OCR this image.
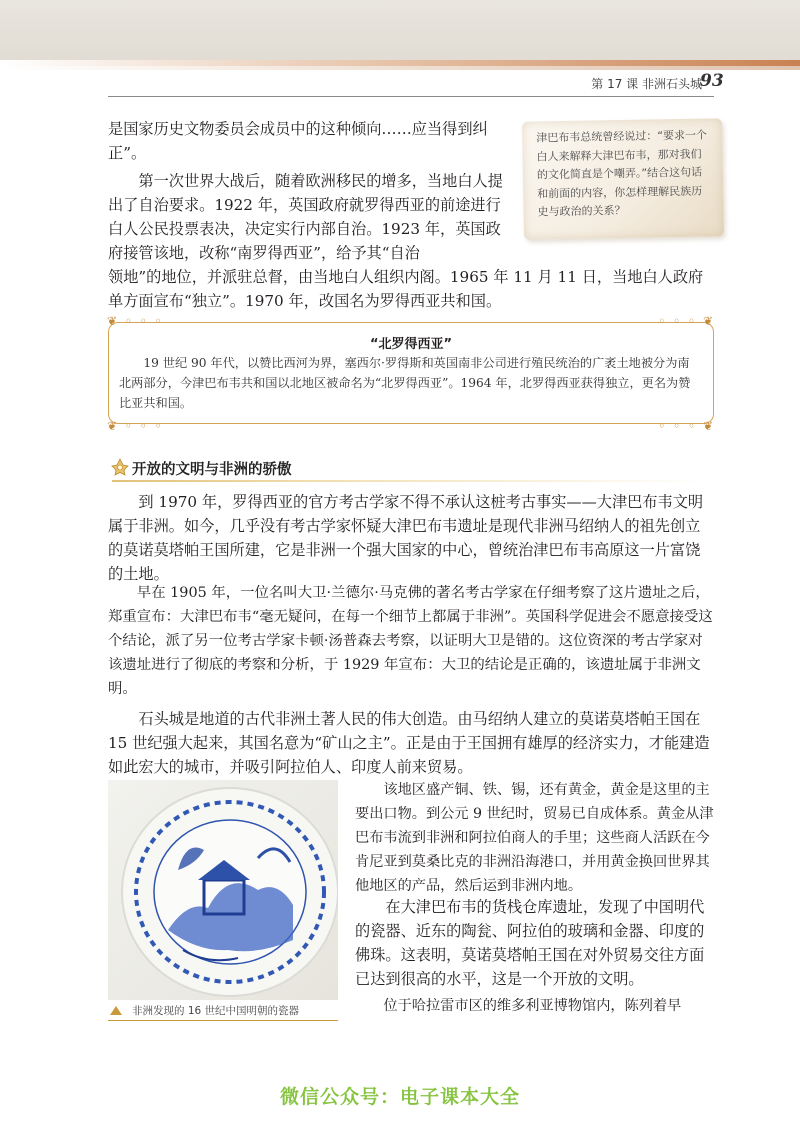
第 17 课 非洲石头城
93
是国家历史文物委员会成员中的这种倾向……应当得到纠正”。
第一次世界大战后，随着欧洲移民的增多，当地白人提出了自治要求。1922 年，英国政府就罗得西亚的前途进行白人公民投票表决，决定实行内部自治。1923 年，英国政府接管该地，改称“南罗得西亚”，给予其“自治
领地”的地位，并派驻总督，由当地白人组织内阁。1965 年 11 月 11 日，当地白人政府单方面宣布“独立”。1970 年，改国名为罗得西亚共和国。
津巴布韦总统曾经说过：“要求一个白人来解释大津巴布韦，那对我们的文化简直是个嘲弄。”结合这句话和前面的内容，你怎样理解民族历史与政治的关系？
❦ ◦ ◦ ◦	◦ ◦ ◦ ❦
❦ ◦ ◦ ◦	◦ ◦ ◦ ❦
“北罗得西亚”
19 世纪 90 年代，以赞比西河为界，塞西尔·罗得斯和英国南非公司进行殖民统治的广袤土地被分为南北两部分，今津巴布韦共和国以北地区被命名为“北罗得西亚”。1964 年，北罗得西亚获得独立，更名为赞比亚共和国。
开放的文明与非洲的骄傲
到 1970 年，罗得西亚的官方考古学家不得不承认这桩考古事实——大津巴布韦文明属于非洲。如今，几乎没有考古学家怀疑大津巴布韦遗址是现代非洲马绍纳人的祖先创立的莫诺莫塔帕王国所建，它是非洲一个强大国家的中心，曾统治津巴布韦高原这一片富饶的土地。
早在 1905 年，一位名叫大卫·兰德尔·马克佛的著名考古学家在仔细考察了这片遗址之后，郑重宣布：大津巴布韦“毫无疑问，在每一个细节上都属于非洲”。英国科学促进会不愿意接受这个结论，派了另一位考古学家卡顿·汤普森去考察，以证明大卫是错的。这位资深的考古学家对该遗址进行了彻底的考察和分析，于 1929 年宣布：大卫的结论是正确的，该遗址属于非洲文明。
石头城是地道的古代非洲土著人民的伟大创造。由马绍纳人建立的莫诺莫塔帕王国在 15 世纪强大起来，其国名意为“矿山之主”。正是由于王国拥有雄厚的经济实力，才能建造如此宏大的城市，并吸引阿拉伯人、印度人前来贸易。
该地区盛产铜、铁、锡，还有黄金，黄金是这里的主要出口物。到公元 9 世纪时，贸易已自成体系。黄金从津巴布韦流到非洲和阿拉伯商人的手里；这些商人活跃在今肯尼亚到莫桑比克的非洲沿海港口，并用黄金换回世界其他地区的产品，然后运到非洲内地。
在大津巴布韦的货栈仓库遗址，发现了中国明代的瓷器、近东的陶瓮、阿拉伯的玻璃和金器、印度的佛珠。这表明，莫诺莫塔帕王国在对外贸易交往方面已达到很高的水平，这是一个开放的文明。
位于哈拉雷市区的维多利亚博物馆内，陈列着早
非洲发现的 16 世纪中国明朝的瓷器
微信公众号：电子课本大全
